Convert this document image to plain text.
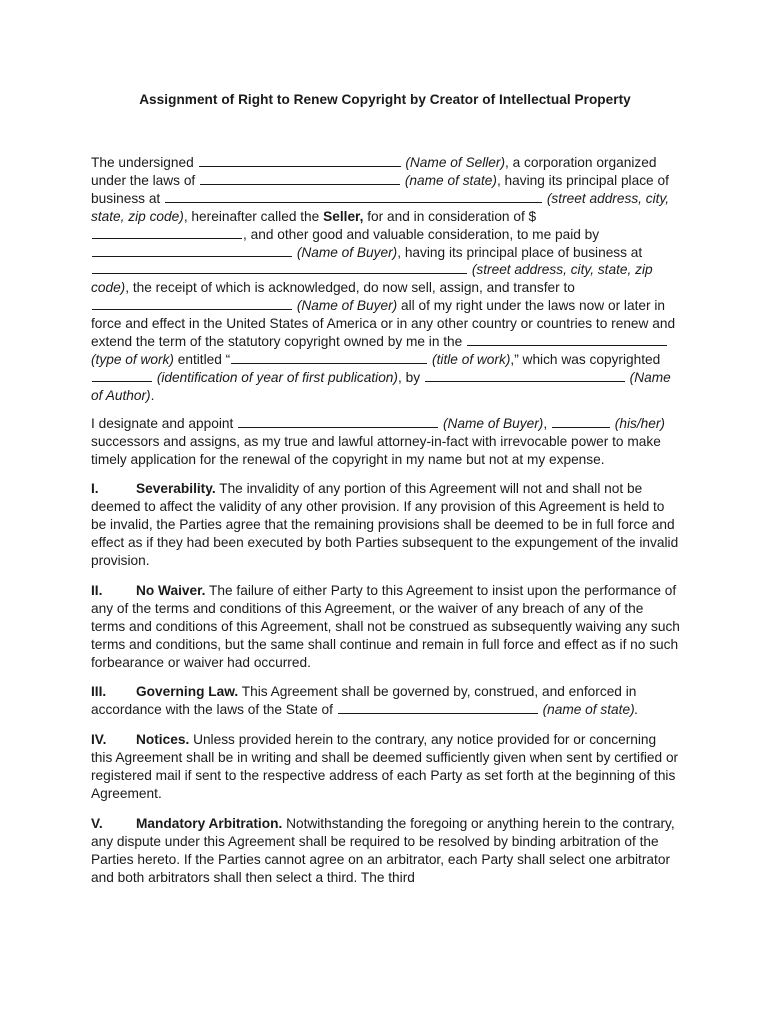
Assignment of Right to Renew Copyright by Creator of Intellectual Property

The undersigned	(Name of Seller), a corporation organized under the laws of	(name of state), having its principal place of business at	(street address, city, state, zip code), hereinafter called the Seller, for and in consideration of $, and other good and valuable consideration, to me paid by  (Name of Buyer), having its principal place of business at  (street address, city, state, zip code), the receipt of which is acknowledged, do now sell, assign, and transfer to  (Name of Buyer) all of my right under the laws now or later in force and effect in the United States of America or in any other country or countries to renew and extend the term of the statutory copyright owned by me in the  (type of work) entitled “	(title of work),” which was copyrighted  (identification of year of first publication), by	(Name of Author).

I designate and appoint	(Name of Buyer),	(his/her) successors and assigns, as my true and lawful attorney-in-fact with irrevocable power to make timely application for the renewal of the copyright in my name but not at my expense.

I.	Severability. The invalidity of any portion of this Agreement will not and shall not be deemed to affect the validity of any other provision. If any provision of this Agreement is held to be invalid, the Parties agree that the remaining provisions shall be deemed to be in full force and effect as if they had been executed by both Parties subsequent to the expungement of the invalid provision.

II. No Waiver. The failure of either Party to this Agreement to insist upon the performance of any of the terms and conditions of this Agreement, or the waiver of any breach of any of the terms and conditions of this Agreement, shall not be construed as subsequently waiving any such terms and conditions, but the same shall continue and remain in full force and effect as if no such forbearance or waiver had occurred.

III. Governing Law. This Agreement shall be governed by, construed, and enforced in accordance with the laws of the State of	(name of state).

IV. Notices. Unless provided herein to the contrary, any notice provided for or concerning this Agreement shall be in writing and shall be deemed sufficiently given when sent by certified or registered mail if sent to the respective address of each Party as set forth at the beginning of this Agreement.

V. Mandatory Arbitration. Notwithstanding the foregoing or anything herein to the contrary, any dispute under this Agreement shall be required to be resolved by binding arbitration of the Parties hereto. If the Parties cannot agree on an arbitrator, each Party shall select one arbitrator and both arbitrators shall then select a third. The third
